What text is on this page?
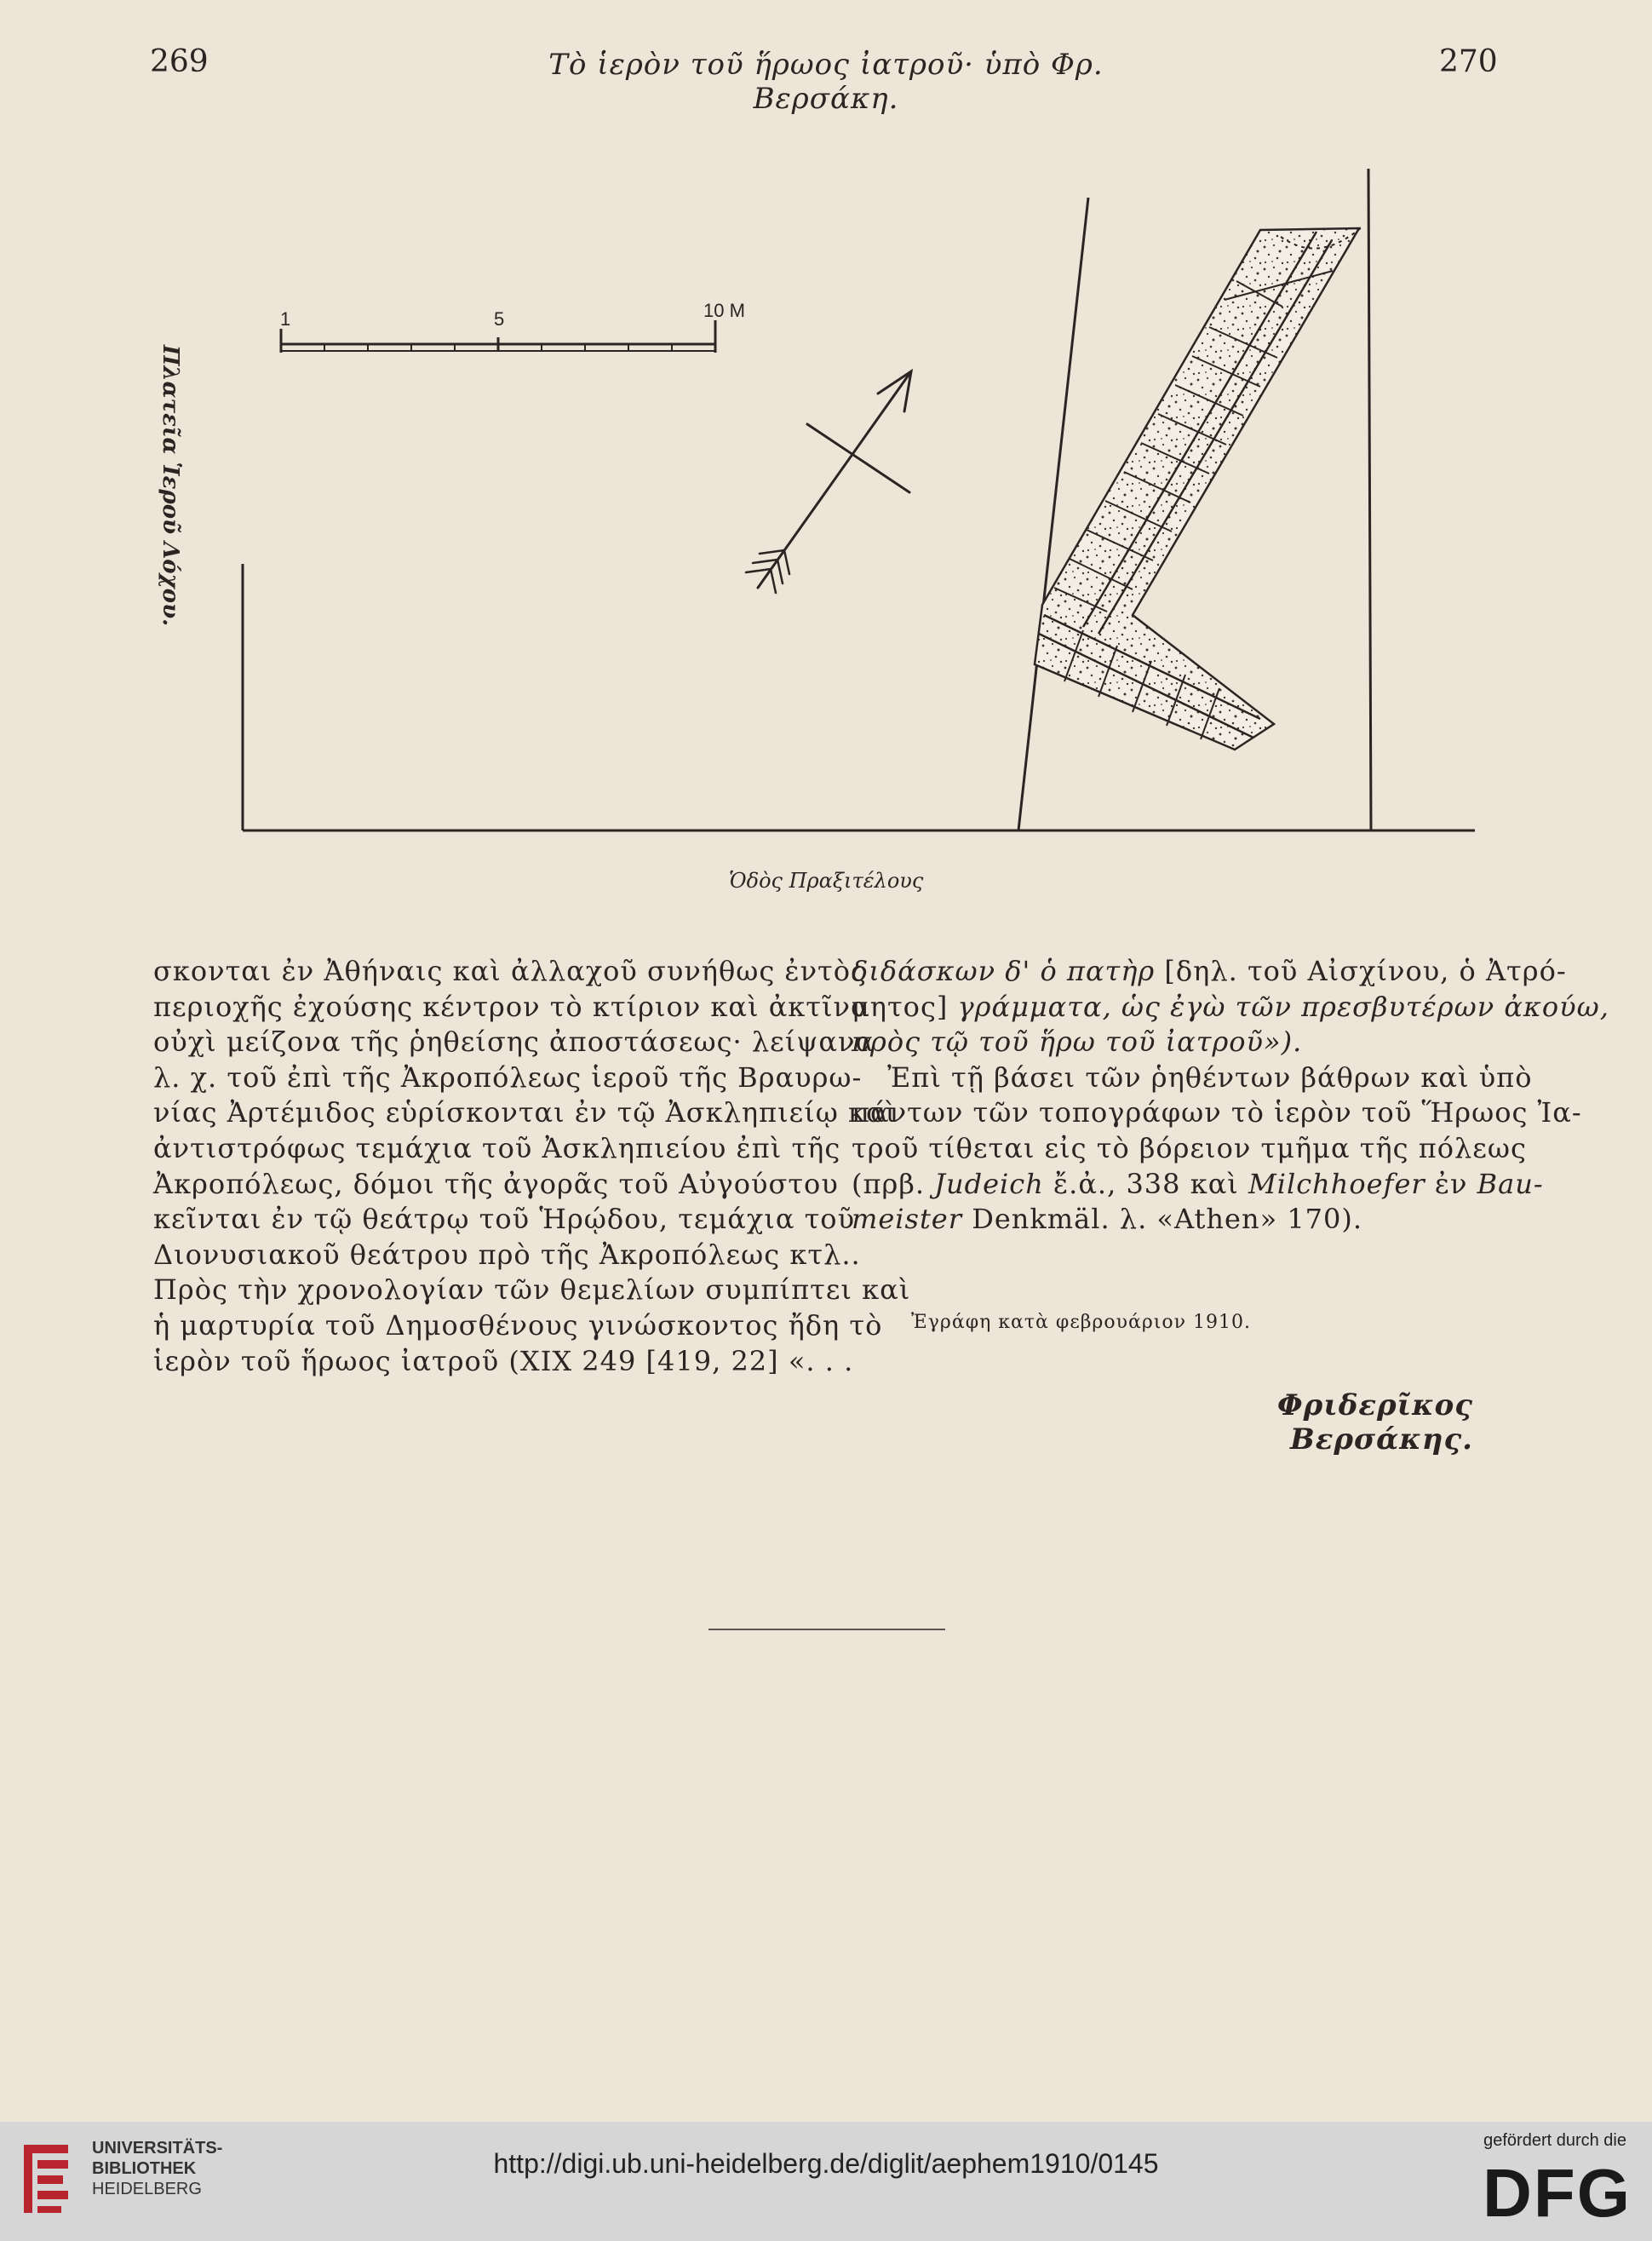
269	Τὸ ἱερὸν τοῦ ἥρωος ἰατροῦ· ὑπὸ Φρ. Βερσάκη.
270
1	5	10 M
Ὁδὸς Πραξιτέλους
Πλατεῖα Ἱεροῦ Λόχου.

σκονται ἐν Ἀθήναις καὶ ἀλλαχοῦ συνήθως ἐντὸς

περιοχῆς ἐχούσης κέντρον τὸ κτίριον καὶ ἀκτῖνα

οὐχὶ μείζονα τῆς ῥηθείσης ἀποστάσεως· λείψανα

λ. χ. τοῦ ἐπὶ τῆς Ἀκροπόλεως ἱεροῦ τῆς Βραυρω-

νίας Ἀρτέμιδος εὑρίσκονται ἐν τῷ Ἀσκληπιείῳ καὶ

ἀντιστρόφως τεμάχια τοῦ Ἀσκληπιείου ἐπὶ τῆς

Ἀκροπόλεως, δόμοι τῆς ἀγορᾶς τοῦ Αὐγούστου

κεῖνται ἐν τῷ θεάτρῳ τοῦ Ἡρῴδου, τεμάχια τοῦ

Διονυσιακοῦ θεάτρου πρὸ τῆς Ἀκροπόλεως κτλ..

Πρὸς τὴν χρονολογίαν τῶν θεμελίων συμπίπτει καὶ

ἡ μαρτυρία τοῦ Δημοσθένους γινώσκοντος ἤδη τὸ

ἱερὸν τοῦ ἥρωος ἰατροῦ (XIX 249 [419, 22] «. . .

διδάσκων δ' ὁ πατὴρ [δηλ. τοῦ Αἰσχίνου, ὁ Ἀτρό-

μητος] γράμματα, ὡς ἐγὼ τῶν πρεσβυτέρων ἀκούω,

πρὸς τῷ τοῦ ἥρω τοῦ ἰατροῦ»).

Ἐπὶ τῇ βάσει τῶν ῥηθέντων βάθρων καὶ ὑπὸ

πάντων τῶν τοπογράφων τὸ ἱερὸν τοῦ Ἥρωος Ἰα-

τροῦ τίθεται εἰς τὸ βόρειον τμῆμα τῆς πόλεως

(πρβ. Judeich ἔ.ἀ., 338 καὶ Milchhoefer ἐν Bau-

meister Denkmäl. λ. «Athen» 170).

Ἐγράφη κατὰ φεβρουάριον 1910.
Φριδερῖκος Βερσάκης.
UNIVERSITÄTS-
BIBLIOTHEK
HEIDELBERG
http://digi.ub.uni-heidelberg.de/diglit/aephem1910/0145
gefördert durch die
DFG
